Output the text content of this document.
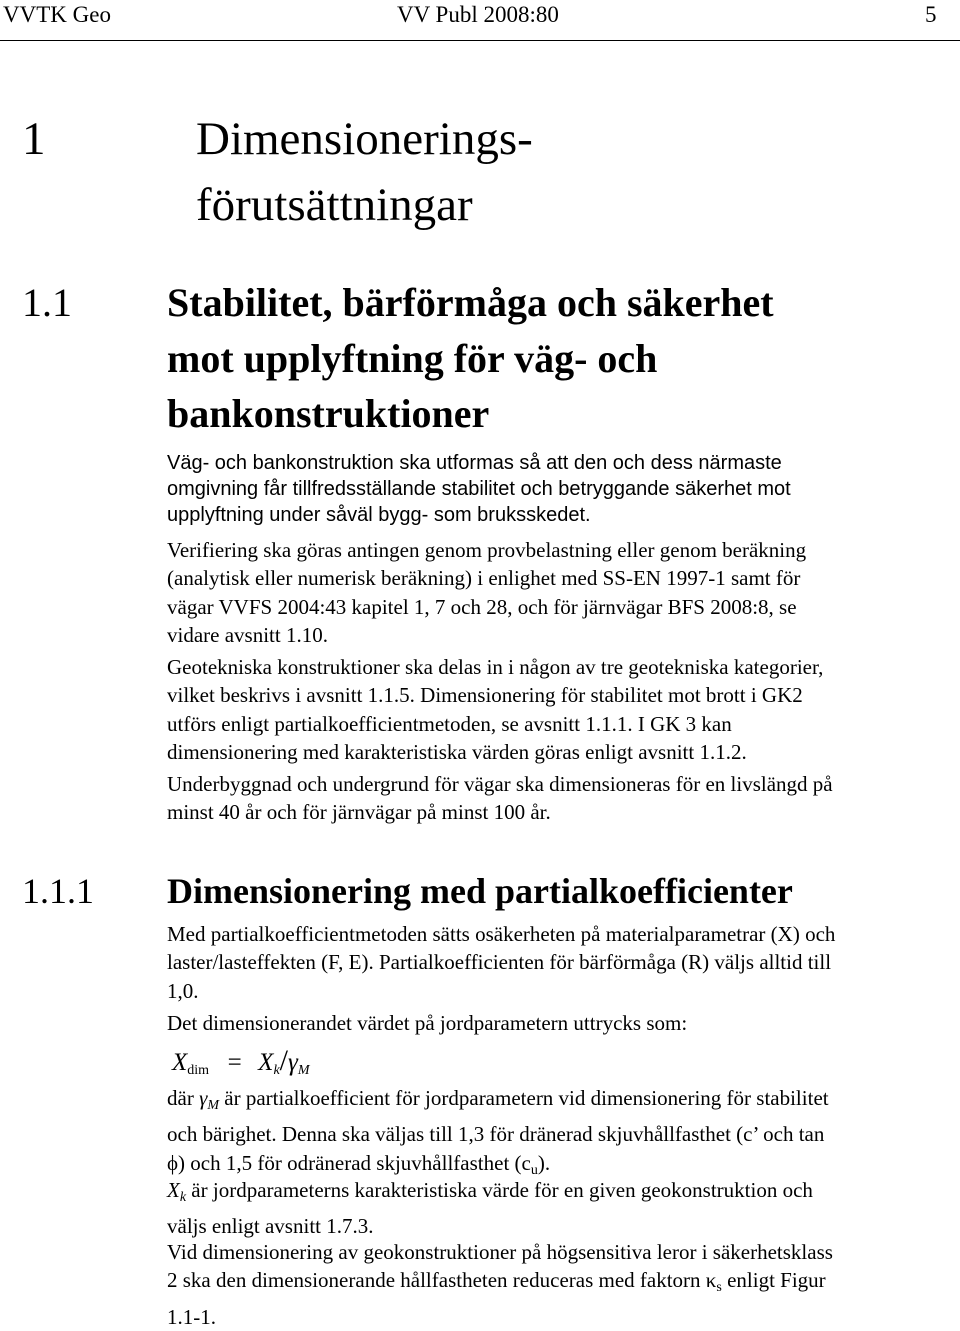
VVTK Geo	VV Publ 2008:80	5
1	Dimensionerings-
förutsättningar
1.1 Stabilitet, bärförmåga och säkerhet
mot upplyftning för väg- och
bankonstruktioner
Väg- och bankonstruktion ska utformas så att den och dess närmaste
omgivning får tillfredsställande stabilitet och betryggande säkerhet mot
upplyftning under såväl bygg- som bruksskedet.
Verifiering ska göras antingen genom provbelastning eller genom beräkning
(analytisk eller numerisk beräkning) i enlighet med SS-EN 1997-1 samt för
vägar VVFS 2004:43 kapitel 1, 7 och 28, och för järnvägar BFS 2008:8, se
vidare avsnitt 1.10.
Geotekniska konstruktioner ska delas in i någon av tre geotekniska kategorier,
vilket beskrivs i avsnitt 1.1.5. Dimensionering för stabilitet mot brott i GK2
utförs enligt partialkoefficientmetoden, se avsnitt 1.1.1. I GK 3 kan
dimensionering med karakteristiska värden göras enligt avsnitt 1.1.2.
Underbyggnad och undergrund för vägar ska dimensioneras för en livslängd på
minst 40 år och för järnvägar på minst 100 år.
1.1.1 Dimensionering med partialkoefficienter
Med partialkoefficientmetoden sätts osäkerheten på materialparametrar (X) och
laster/lasteffekten (F, E). Partialkoefficienten för bärförmåga (R) väljs alltid till
1,0.
Det dimensionerandet värdet på jordparametern uttrycks som:
$X_{dim} = X_k/\gamma_M$
där $\gamma_M$ är partialkoefficient för jordparametern vid dimensionering för stabilitet
och bärighet. Denna ska väljas till 1,3 för dränerad skjuvhållfasthet (c’ och tan
ϕ) och 1,5 för odränerad skjuvhållfasthet $(c_u)$.
$X_k$ är jordparameterns karakteristiska värde för en given geokonstruktion och
väljs enligt avsnitt 1.7.3.
Vid dimensionering av geokonstruktioner på högsensitiva leror i säkerhetsklass
2 ska den dimensionerande hållfastheten reduceras med faktorn $\kappa_s$ enligt Figur
1.1-1.
